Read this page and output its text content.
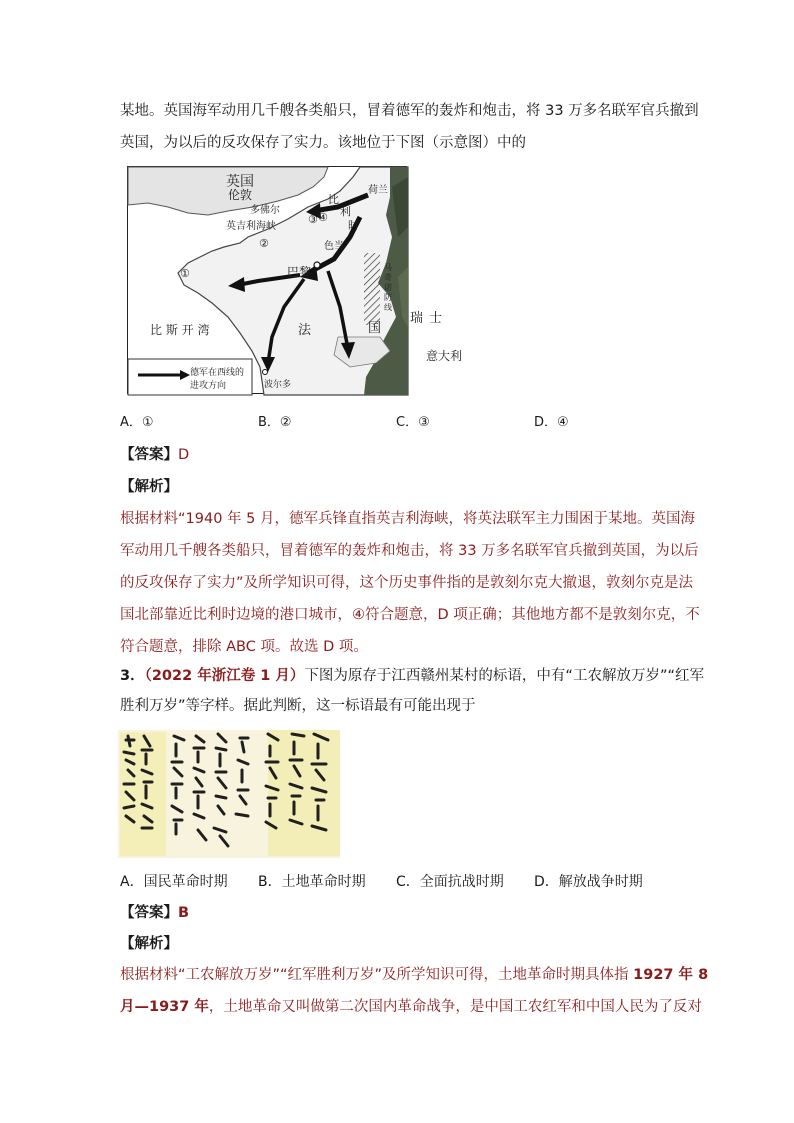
某地。英国海军动用几千艘各类船只，冒着德军的轰炸和炮击，将 33 万多名联军官兵撤到
英国，为以后的反攻保存了实力。该地位于下图（示意图）中的
英国
伦敦
多佛尔
英吉利海峡
荷兰
比
利
时
色当
德
国
马奇诺防线
巴黎
法	国
瑞 士
意大利
比 斯 开 湾
波尔多
①
②
③ ④
德军在西线的
进攻方向
A．①	B．②	C．③	D．④
【答案】D
【解析】
根据材料“1940 年 5 月，德军兵锋直指英吉利海峡，将英法联军主力围困于某地。英国海
军动用几千艘各类船只，冒着德军的轰炸和炮击，将 33 万多名联军官兵撤到英国，为以后
的反攻保存了实力”及所学知识可得，这个历史事件指的是敦刻尔克大撤退，敦刻尔克是法
国北部靠近比利时边境的港口城市，④符合题意，D 项正确；其他地方都不是敦刻尔克，不
符合题意，排除 ABC 项。故选 D 项。
3．（2022 年浙江卷 1 月）下图为原存于江西赣州某村的标语，中有“工农解放万岁”“红军
胜利万岁”等字样。据此判断，这一标语最有可能出现于
A．国民革命时期 B．土地革命时期 C．全面抗战时期 D．解放战争时期
【答案】B
【解析】
根据材料“工农解放万岁”“红军胜利万岁”及所学知识可得，土地革命时期具体指 1927 年 8
月—1937 年，土地革命又叫做第二次国内革命战争，是中国工农红军和中国人民为了反对
